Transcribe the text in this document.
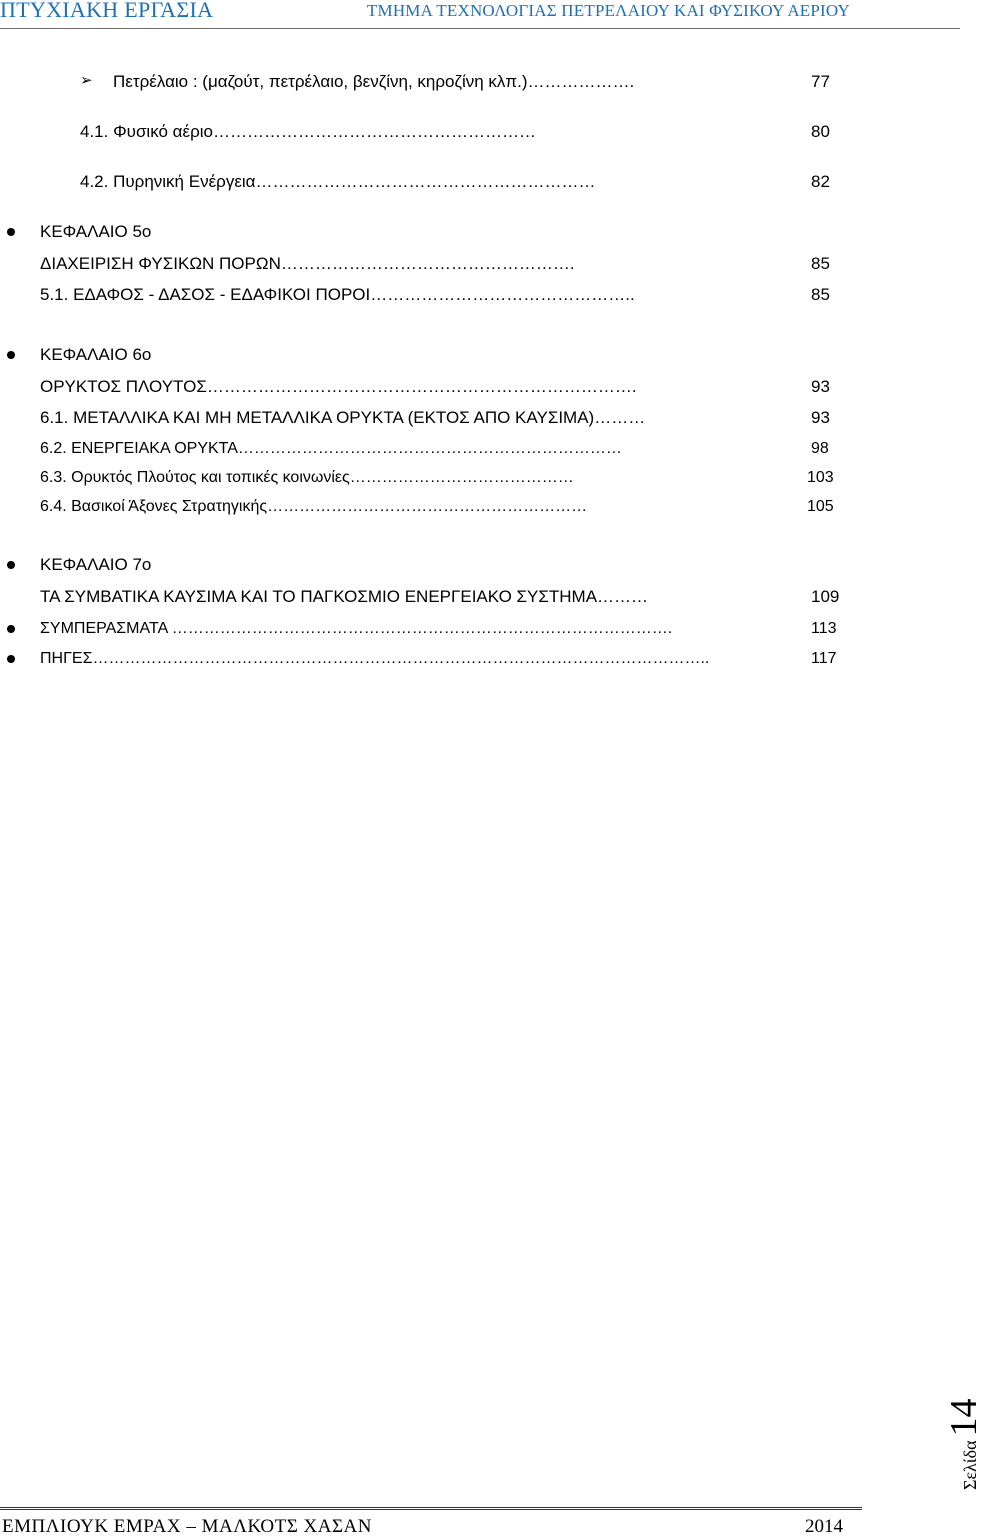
ΠΤΥΧΙΑΚΗ ΕΡΓΑΣΙΑ	ΤΜΗΜΑ ΤΕΧΝΟΛΟΓΙΑΣ ΠΕΤΡΕΛΑΙΟΥ ΚΑΙ ΦΥΣΙΚΟΥ ΑΕΡΙΟΥ
➢ Πετρέλαιο : (μαζούτ, πετρέλαιο, βενζίνη, κηροζίνη κλπ.)……………….	77
4.1. Φυσικό αέριο…………………………………………………	80
4.2. Πυρηνική Ενέργεια……………………………………………………	82
ΚΕΦΑΛΑΙΟ 5ο
ΔΙΑΧΕΙΡΙΣΗ ΦΥΣΙΚΩΝ ΠΟΡΩΝ…………………………………………….	85
5.1. ΕΔΑΦΟΣ - ΔΑΣΟΣ - ΕΔΑΦΙΚΟΙ ΠΟΡΟΙ………………………………………..	85
ΚΕΦΑΛΑΙΟ 6ο
ΟΡΥΚΤΟΣ ΠΛΟΥΤΟΣ………………………………………………………………….	93
6.1. ΜΕΤΑΛΛΙΚΑ ΚΑΙ ΜΗ ΜΕΤΑΛΛΙΚΑ ΟΡΥΚΤΑ (ΕΚΤΟΣ ΑΠΟ ΚΑΥΣΙΜΑ)………	93
6.2. ΕΝΕΡΓΕΙΑΚΑ ΟΡΥΚΤΑ………………………………………………………………	98
6.3. Ορυκτός Πλούτος και τοπικές κοινωνίες……………………………………	103
6.4. Βασικοί Άξονες Στρατηγικής……………………………………………………	105
ΚΕΦΑΛΑΙΟ 7ο
ΤΑ ΣΥΜΒΑΤΙΚΑ ΚΑΥΣΙΜΑ ΚΑΙ ΤΟ ΠΑΓΚΟΣΜΙΟ ΕΝΕΡΓΕΙΑΚΟ ΣΥΣΤΗΜΑ………	109
ΣΥΜΠΕΡΑΣΜΑΤΑ ………………………………………………………………………………….	113
ΠΗΓΕΣ……………………………………………………………………………………………………..	117
Σελίδα 14
ΕΜΠΛΙΟΥΚ ΕΜΡΑΧ – ΜΑΛΚΟΤΣ ΧΑΣΑΝ	2014
